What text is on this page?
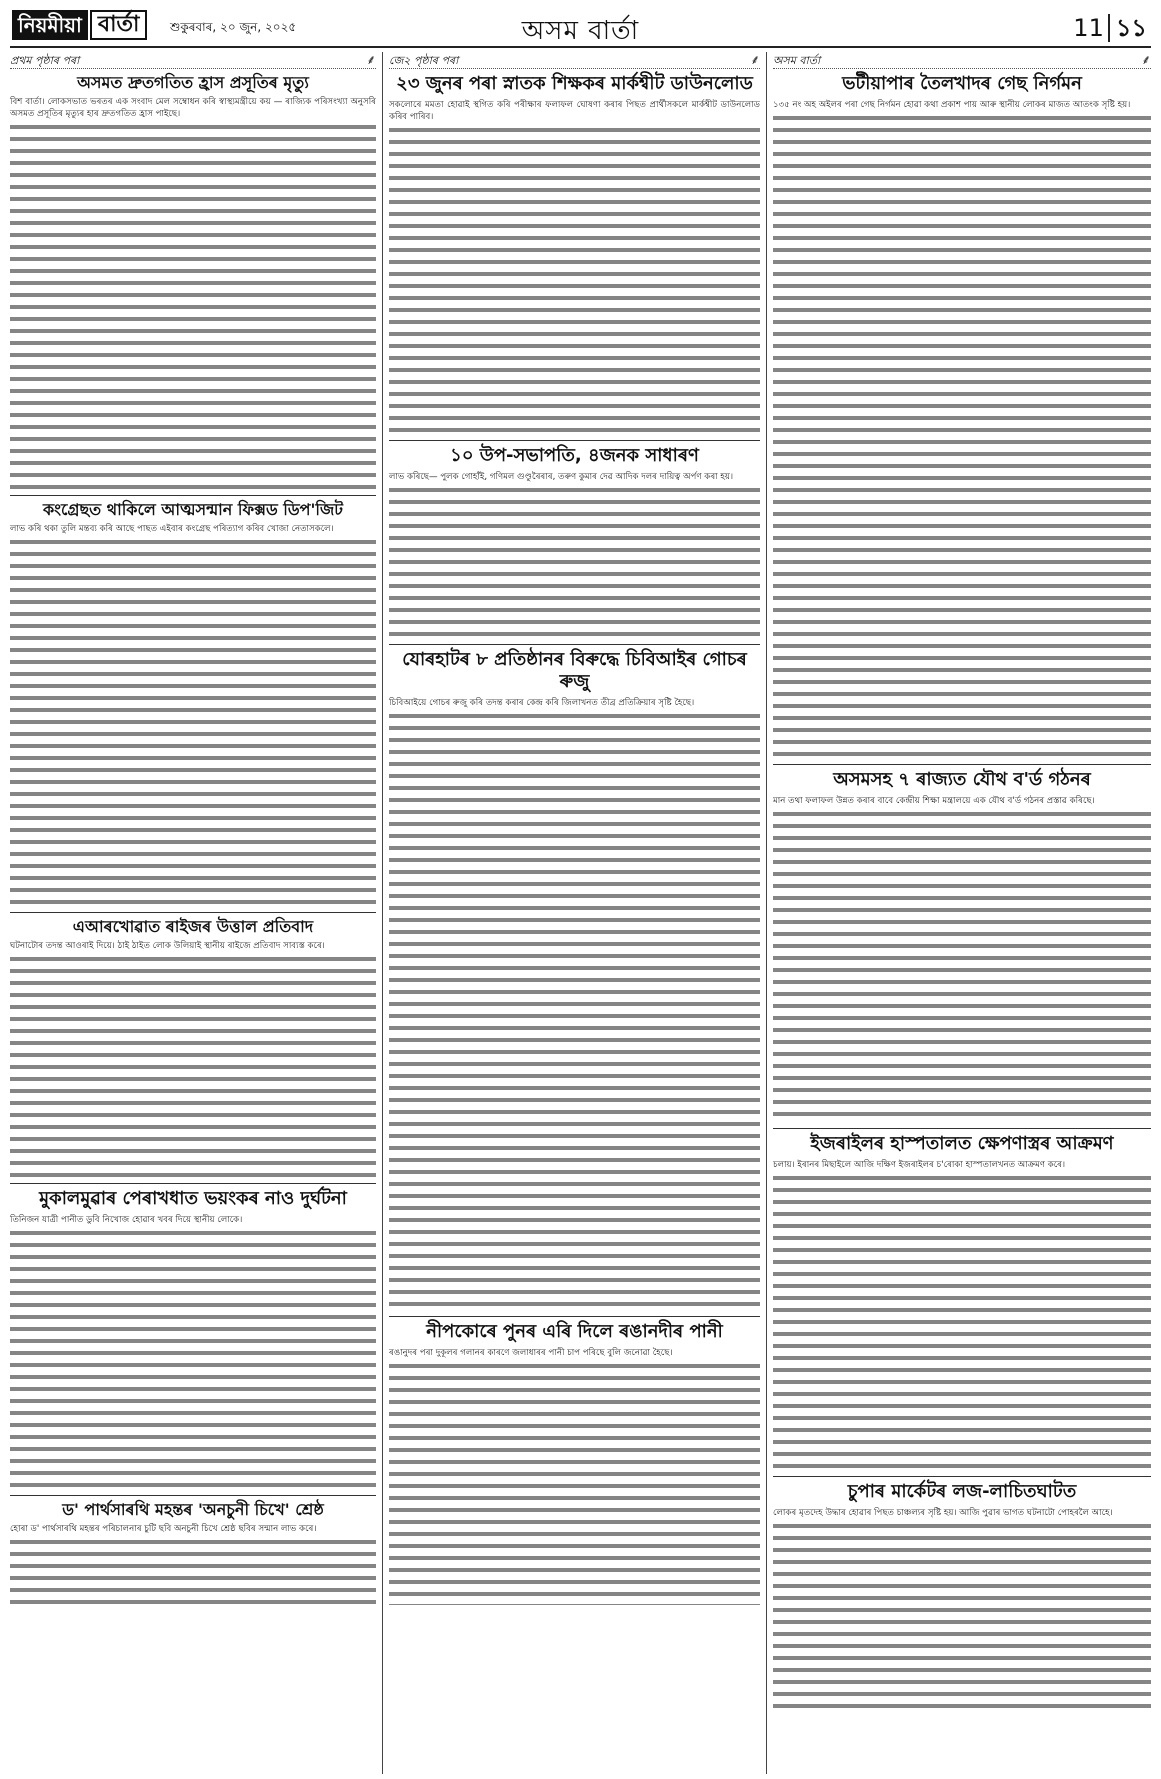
নিয়মীয়া বাৰ্তা	শুকুৰবাৰ, ২০ জুন, ২০২৫	অসম বাৰ্তা	11 ১১
প্ৰথম পৃষ্ঠাৰ পৰা	⸙
অসমত দ্ৰুতগতিত হ্ৰাস প্ৰসূতিৰ মৃত্যু

বিশ বাৰ্তা। লোকসভাত ভৰতৰ এক সংবাদ মেল সম্বোধন কৰি স্বাস্থ্যমন্ত্ৰীয়ে কয় — ৰাজ্যিক পৰিসংখ্যা অনুসৰি অসমত প্ৰসূতিৰ মৃত্যুৰ হাৰ দ্ৰুতগতিত হ্ৰাস পাইছে।

কংগ্ৰেছত থাকিলে আত্মসন্মান ফিক্সড ডিপ'জিট

লাভ কৰি থকা তুলি মন্তব্য কৰি আছে পাছত এইবাৰ কংগ্ৰেছ পৰিত্যাগ কৰিব খোজা নেতাসকলে।

এআৰখোৱাত ৰাইজৰ উত্তাল প্ৰতিবাদ

ঘটনাটোৰ তদন্ত আওৰাই দিয়ে। ঠাই ঠাইত লোক উলিয়াই স্থানীয় ৰাইজে প্ৰতিবাদ সাব্যস্ত কৰে।

মুকালমুৱাৰ পেৰাখধাত ভয়ংকৰ নাও দুৰ্ঘটনা

তিনিজন যাত্ৰী পানীত ডুবি নিখোজ হোৱাৰ খবৰ দিয়ে স্থানীয় লোকে।

ড' পাৰ্থসাৰথি মহন্তৰ 'অনচুনী চিখে' শ্ৰেষ্ঠ

হোৰা ড' পাৰ্থসাৰথি মহন্তৰ পৰিচালনাৰ চুটি ছবি অনচুনী চিখে শ্ৰেষ্ঠ ছবিৰ সন্মান লাভ কৰে।

জে২ পৃষ্ঠাৰ পৰা	⸙
২৩ জুনৰ পৰা স্নাতক শিক্ষকৰ মাৰ্কশ্বীট ডাউনলোড

সকলোৰে মমতা হোৱাই স্থগিত কৰি পৰীক্ষাৰ ফলাফল ঘোষণা কৰাৰ পিছত প্ৰাৰ্থীসকলে মাৰ্কশ্বীট ডাউনলোড কৰিব পাৰিব।

১০ উপ-সভাপতি, ৪জনক সাধাৰণ

লাভ কৰিছে— পুলক গোহাঁই, গণিমল গুণ্ডুৰৈৰাৰ, তৰুণ কুমাৰ দেৱ আদিক দলৰ দায়িত্ব অৰ্পণ কৰা হয়।

যোৰহাটৰ ৮ প্ৰতিষ্ঠানৰ বিৰুদ্ধে চিবিআইৰ গোচৰ ৰুজু

চিবিআইয়ে গোচৰ ৰুজু কৰি তদন্ত কৰাৰ কেন্দ্ৰ কৰি জিলাখনত তীব্ৰ প্ৰতিক্ৰিয়াৰ সৃষ্টি হৈছে।

নীপকোৰে পুনৰ এৰি দিলে ৰঙানদীৰ পানী

ৰঙানুদৰ পৰা দুকূলৰ গলানৰ কাৰণে জলাধাৰৰ পানী চাপ পৰিছে বুলি জনোৱা হৈছে।

অসম বাৰ্তা	⸙
ভটীয়াপাৰ তৈলখাদৰ গেছ নিৰ্গমন

১৩৫ নং অহ অইলৰ পৰা গেছ নিৰ্গমন হোৱা কথা প্ৰকাশ পায় আৰু স্থানীয় লোকৰ মাজত আতংক সৃষ্টি হয়।

অসমসহ ৭ ৰাজ্যত যৌথ ব'ৰ্ড গঠনৰ

মান তথা ফলাফল উন্নত কৰাৰ বাবে কেন্দ্ৰীয় শিক্ষা মন্ত্ৰালয়ে এক যৌথ ব'ৰ্ড গঠনৰ প্ৰস্তাৱ কৰিছে।

ইজৰাইলৰ হাস্পতালত ক্ষেপণাস্ত্ৰৰ আক্ৰমণ

চলায়। ইৰানৰ মিছাইলে আজি দক্ষিণ ইজৰাইলৰ চ'ৰোকা হাস্পতালখনত আক্ৰমণ কৰে।

চুপাৰ মাৰ্কেটৰ লজ-লাচিতঘাটত

লোকৰ মৃতদেহ উদ্ধাৰ হোৱাৰ পিছত চাঞ্চল্যৰ সৃষ্টি হয়। আজি পুৱাৰ ভাগত ঘটনাটো পোহৰলৈ আহে।
